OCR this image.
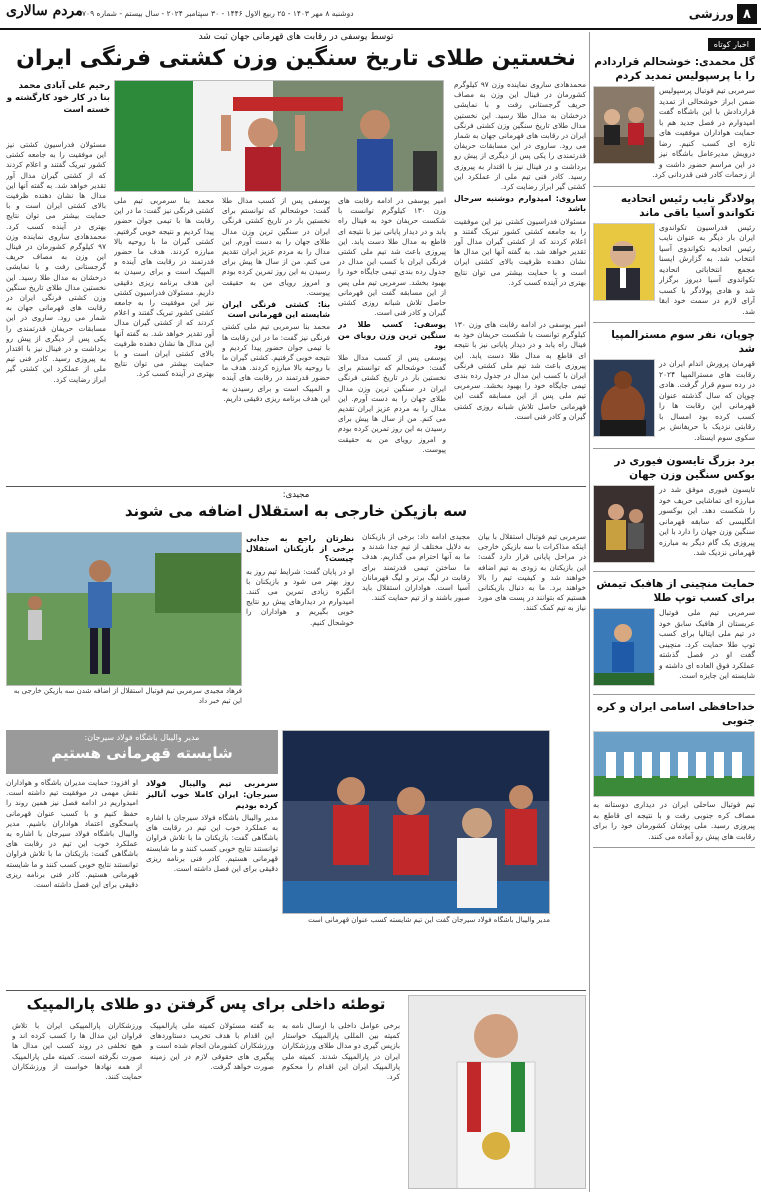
۸
ورزشی
دوشنبه ۸ مهر ۱۴۰۳ - ۲۵ ربیع الاول ۱۴۴۶ - ۳۰ سپتامبر ۲۰۲۴ - سال بیستم - شماره ۵۷۰۹
مردم سالاری
اخبار کوتاه
گل محمدی: خوشحالم قراردادم را با پرسپولیس تمدید کردم
سرمربی تیم فوتبال پرسپولیس ضمن ابراز خوشحالی از تمدید قراردادش با این باشگاه گفت امیدوارم در فصل جدید هم با حمایت هواداران موفقیت های تازه ای کسب کنیم. رضا درویش مدیرعامل باشگاه نیز در این مراسم حضور داشت و از زحمات کادر فنی قدردانی کرد.
پولادگر نایب رئیس اتحادیه تکواندو آسیا باقی ماند
رئیس فدراسیون تکواندوی ایران بار دیگر به عنوان نایب رئیس اتحادیه تکواندوی آسیا انتخاب شد. به گزارش ایسنا مجمع انتخاباتی اتحادیه تکواندوی آسیا دیروز برگزار شد و هادی پولادگر با کسب آرای لازم در سمت خود ابقا شد.
چوپان، نفر سوم مسترالمپیا شد
قهرمان پرورش اندام ایران در رقابت های مسترالمپیا ۲۰۲۴ در رده سوم قرار گرفت. هادی چوپان که سال گذشته عنوان قهرمانی این رقابت ها را کسب کرده بود امسال با رقابتی نزدیک با حریفانش بر سکوی سوم ایستاد.
برد بزرگ تایسون فیوری در بوکس سنگین وزن جهان
تایسون فیوری موفق شد در مبارزه ای تماشایی حریف خود را شکست دهد. این بوکسور انگلیسی که سابقه قهرمانی سنگین وزن جهان را دارد با این پیروزی یک گام دیگر به مبارزه قهرمانی نزدیک شد.
حمایت منچینی از هافبک تیمش برای کسب توپ طلا
سرمربی تیم ملی فوتبال عربستان از هافبک سابق خود در تیم ملی ایتالیا برای کسب توپ طلا حمایت کرد. منچینی گفت او در فصل گذشته عملکرد فوق العاده ای داشته و شایسته این جایزه است.
خداحافظی اسامی ایران و کره جنوبی
تیم فوتبال ساحلی ایران در دیداری دوستانه به مصاف کره جنوبی رفت و با نتیجه ای قاطع به پیروزی رسید. ملی پوشان کشورمان خود را برای رقابت های پیش رو آماده می کنند.
توسط یوسفی در رقابت های قهرمانی جهان ثبت شد
نخستین طلای تاریخ سنگین وزن کشتی فرنگی ایران
رحیم علی آبادی محمد بنا در کار خود کارگشته و خسته است
محمدهادی ساروی نماینده وزن ۹۷ کیلوگرم کشورمان در فینال این وزن به مصاف حریف گرجستانی رفت و با نمایشی درخشان به مدال طلا رسید. این نخستین مدال طلای تاریخ سنگین وزن کشتی فرنگی ایران در رقابت های قهرمانی جهان به شمار می رود. ساروی در این مسابقات حریفان قدرتمندی را یکی پس از دیگری از پیش رو برداشت و در فینال نیز با اقتدار به پیروزی رسید. کادر فنی تیم ملی از عملکرد این کشتی گیر ابراز رضایت کرد.
ساروی: امیدوارم دوشنبه سرحال باشد
مسئولان فدراسیون کشتی نیز این موفقیت را به جامعه کشتی کشور تبریک گفتند و اعلام کردند که از کشتی گیران مدال آور تقدیر خواهد شد. به گفته آنها این مدال ها نشان دهنده ظرفیت بالای کشتی ایران است و با حمایت بیشتر می توان نتایج بهتری در آینده کسب کرد.
امیر یوسفی در ادامه رقابت های وزن ۱۳۰ کیلوگرم توانست با شکست حریفان خود به فینال راه یابد و در دیدار پایانی نیز با نتیجه ای قاطع به مدال طلا دست یابد. این پیروزی باعث شد تیم ملی کشتی فرنگی ایران با کسب این مدال در جدول رده بندی تیمی جایگاه خود را بهبود بخشد. سرمربی تیم ملی پس از این مسابقه گفت این قهرمانی حاصل تلاش شبانه روزی کشتی گیران و کادر فنی است.
امیر یوسفی در ادامه رقابت های وزن ۱۳۰ کیلوگرم توانست با شکست حریفان خود به فینال راه یابد و در دیدار پایانی نیز با نتیجه ای قاطع به مدال طلا دست یابد. این پیروزی باعث شد تیم ملی کشتی فرنگی ایران با کسب این مدال در جدول رده بندی تیمی جایگاه خود را بهبود بخشد. سرمربی تیم ملی پس از این مسابقه گفت این قهرمانی حاصل تلاش شبانه روزی کشتی گیران و کادر فنی است.
یوسفی: کسب طلا در سنگین ترین وزن رویای من بود
یوسفی پس از کسب مدال طلا گفت: خوشحالم که توانستم برای نخستین بار در تاریخ کشتی فرنگی ایران در سنگین ترین وزن مدال طلای جهان را به دست آورم. این مدال را به مردم عزیز ایران تقدیم می کنم. من از سال ها پیش برای رسیدن به این روز تمرین کرده بودم و امروز رویای من به حقیقت پیوست.
یوسفی پس از کسب مدال طلا گفت: خوشحالم که توانستم برای نخستین بار در تاریخ کشتی فرنگی ایران در سنگین ترین وزن مدال طلای جهان را به دست آورم. این مدال را به مردم عزیز ایران تقدیم می کنم. من از سال ها پیش برای رسیدن به این روز تمرین کرده بودم و امروز رویای من به حقیقت پیوست.
بنا: کشتی فرنگی ایران شایسته این قهرمانی است
محمد بنا سرمربی تیم ملی کشتی فرنگی نیز گفت: ما در این رقابت ها با تیمی جوان حضور پیدا کردیم و نتیجه خوبی گرفتیم. کشتی گیران ما با روحیه بالا مبارزه کردند. هدف ما حضور قدرتمند در رقابت های آینده و المپیک است و برای رسیدن به این هدف برنامه ریزی دقیقی داریم.
محمد بنا سرمربی تیم ملی کشتی فرنگی نیز گفت: ما در این رقابت ها با تیمی جوان حضور پیدا کردیم و نتیجه خوبی گرفتیم. کشتی گیران ما با روحیه بالا مبارزه کردند. هدف ما حضور قدرتمند در رقابت های آینده و المپیک است و برای رسیدن به این هدف برنامه ریزی دقیقی داریم. مسئولان فدراسیون کشتی نیز این موفقیت را به جامعه کشتی کشور تبریک گفتند و اعلام کردند که از کشتی گیران مدال آور تقدیر خواهد شد. به گفته آنها این مدال ها نشان دهنده ظرفیت بالای کشتی ایران است و با حمایت بیشتر می توان نتایج بهتری در آینده کسب کرد.
مسئولان فدراسیون کشتی نیز این موفقیت را به جامعه کشتی کشور تبریک گفتند و اعلام کردند که از کشتی گیران مدال آور تقدیر خواهد شد. به گفته آنها این مدال ها نشان دهنده ظرفیت بالای کشتی ایران است و با حمایت بیشتر می توان نتایج بهتری در آینده کسب کرد. محمدهادی ساروی نماینده وزن ۹۷ کیلوگرم کشورمان در فینال این وزن به مصاف حریف گرجستانی رفت و با نمایشی درخشان به مدال طلا رسید. این نخستین مدال طلای تاریخ سنگین وزن کشتی فرنگی ایران در رقابت های قهرمانی جهان به شمار می رود. ساروی در این مسابقات حریفان قدرتمندی را یکی پس از دیگری از پیش رو برداشت و در فینال نیز با اقتدار به پیروزی رسید. کادر فنی تیم ملی از عملکرد این کشتی گیر ابراز رضایت کرد.
مجیدی:
سه بازیکن خارجی به استقلال اضافه می شوند
سرمربی تیم فوتبال استقلال با بیان اینکه مذاکرات با سه بازیکن خارجی در مراحل پایانی قرار دارد گفت: این بازیکنان به زودی به تیم اضافه خواهند شد و کیفیت تیم را بالا خواهند برد. ما به دنبال بازیکنانی هستیم که بتوانند در پست های مورد نیاز به تیم کمک کنند.
مجیدی ادامه داد: برخی از بازیکنان به دلایل مختلف از تیم جدا شدند و ما به آنها احترام می گذاریم. هدف ما ساختن تیمی قدرتمند برای رقابت در لیگ برتر و لیگ قهرمانان آسیا است. هواداران استقلال باید صبور باشند و از تیم حمایت کنند.
نظرتان راجع به جدایی برخی از بازیکنان استقلال چیست؟
او در پایان گفت: شرایط تیم روز به روز بهتر می شود و بازیکنان با انگیزه زیادی تمرین می کنند. امیدوارم در دیدارهای پیش رو نتایج خوبی بگیریم و هواداران را خوشحال کنیم.
فرهاد مجیدی سرمربی تیم فوتبال استقلال از اضافه شدن سه بازیکن خارجی به این تیم خبر داد
مدیر والیبال باشگاه فولاد سیرجان:
شایسته قهرمانی هستیم
سرمربی تیم والیبال فولاد سیرجان: ایران کاملا خوب آنالیز کرده بودیم
مدیر والیبال باشگاه فولاد سیرجان با اشاره به عملکرد خوب این تیم در رقابت های باشگاهی گفت: بازیکنان ما با تلاش فراوان توانستند نتایج خوبی کسب کنند و ما شایسته قهرمانی هستیم. کادر فنی برنامه ریزی دقیقی برای این فصل داشته است.
او افزود: حمایت مدیران باشگاه و هواداران نقش مهمی در موفقیت تیم داشته است. امیدواریم در ادامه فصل نیز همین روند را حفظ کنیم و با کسب عنوان قهرمانی پاسخگوی اعتماد هواداران باشیم. مدیر والیبال باشگاه فولاد سیرجان با اشاره به عملکرد خوب این تیم در رقابت های باشگاهی گفت: بازیکنان ما با تلاش فراوان توانستند نتایج خوبی کسب کنند و ما شایسته قهرمانی هستیم. کادر فنی برنامه ریزی دقیقی برای این فصل داشته است.
مدیر والیبال باشگاه فولاد سیرجان گفت این تیم شایسته کسب عنوان قهرمانی است
توطئه داخلی برای پس گرفتن دو طلای پارالمپیک
برخی عوامل داخلی با ارسال نامه به کمیته بین المللی پارالمپیک خواستار بازپس گیری دو مدال طلای ورزشکاران ایران در پارالمپیک شدند. کمیته ملی پارالمپیک ایران این اقدام را محکوم کرد.
به گفته مسئولان کمیته ملی پارالمپیک این اقدام با هدف تخریب دستاوردهای ورزشکاران کشورمان انجام شده است و پیگیری های حقوقی لازم در این زمینه صورت خواهد گرفت.
ورزشکاران پارالمپیکی ایران با تلاش فراوان این مدال ها را کسب کرده اند و هیچ تخلفی در روند کسب این مدال ها صورت نگرفته است. کمیته ملی پارالمپیک از همه نهادها خواست از ورزشکاران حمایت کنند.
